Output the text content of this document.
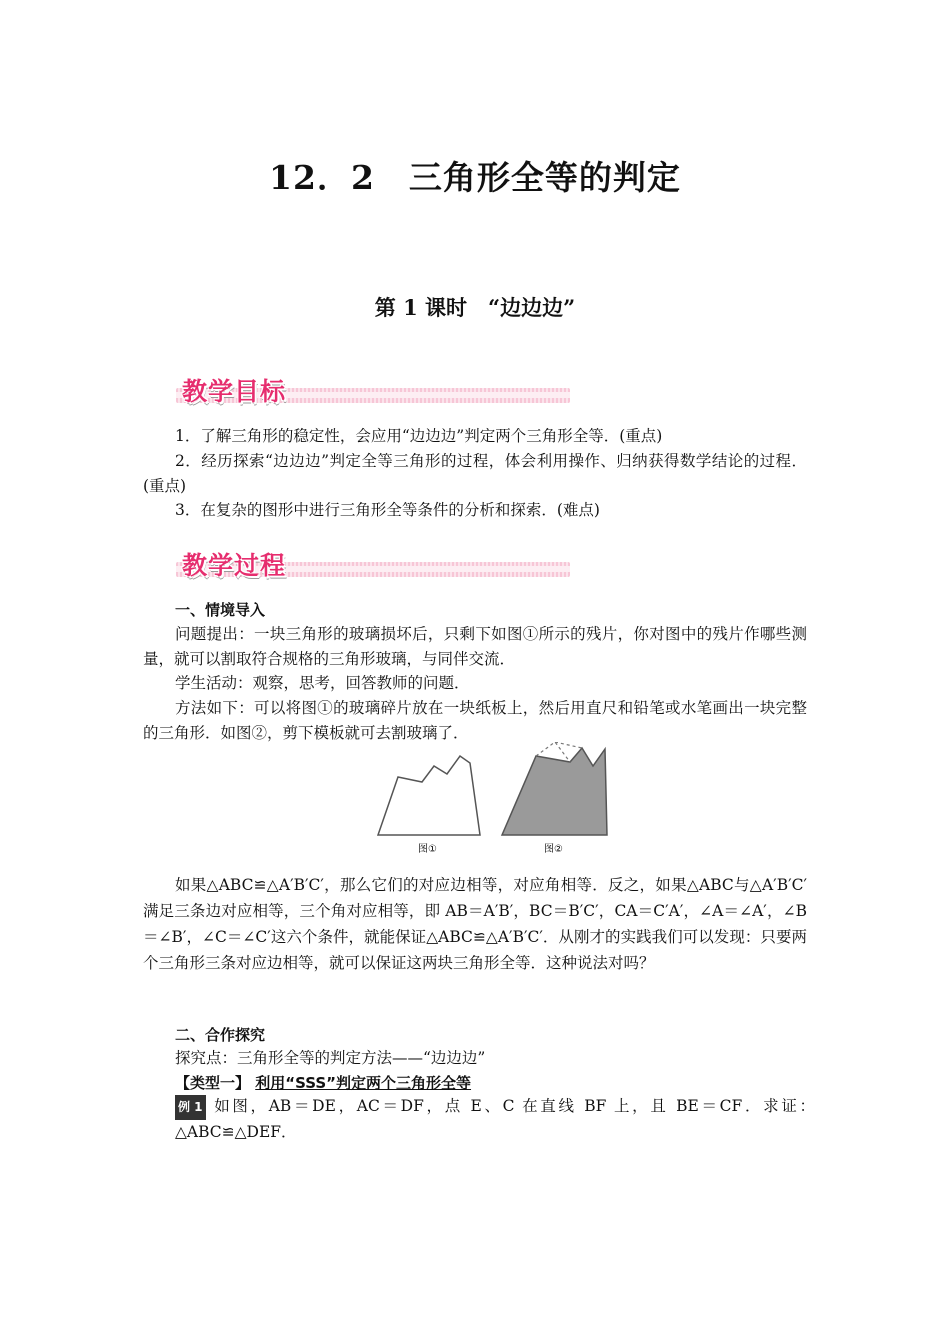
12．2　三角形全等的判定
第 1 课时　“边边边”
教学目标
1．了解三角形的稳定性，会应用“边边边”判定两个三角形全等．(重点)
2．经历探索“边边边”判定全等三角形的过程，体会利用操作、归纳获得数学结论的过程．(重点)
3．在复杂的图形中进行三角形全等条件的分析和探索．(难点)
教学过程
一、情境导入
问题提出：一块三角形的玻璃损坏后，只剩下如图①所示的残片，你对图中的残片作哪些测量，就可以割取符合规格的三角形玻璃，与同伴交流．
学生活动：观察，思考，回答教师的问题．
方法如下：可以将图①的玻璃碎片放在一块纸板上，然后用直尺和铅笔或水笔画出一块完整的三角形．如图②，剪下模板就可去割玻璃了．
图①	图②
如果△ABC≌△A′B′C′，那么它们的对应边相等，对应角相等．反之，如果△ABC与△A′B′C′满足三条边对应相等，三个角对应相等，即 AB＝A′B′，BC＝B′C′，CA＝C′A′，∠A＝∠A′，∠B＝∠B′，∠C＝∠C′这六个条件，就能保证△ABC≌△A′B′C′．从刚才的实践我们可以发现：只要两个三角形三条对应边相等，就可以保证这两块三角形全等．这种说法对吗？
二、合作探究
探究点：三角形全等的判定方法——“边边边”
【类型一】 利用“SSS”判定两个三角形全等
例 1 如图，AB＝DE，AC＝DF，点 E、C 在直线 BF 上，且 BE＝CF．求证：△ABC≌△DEF．
